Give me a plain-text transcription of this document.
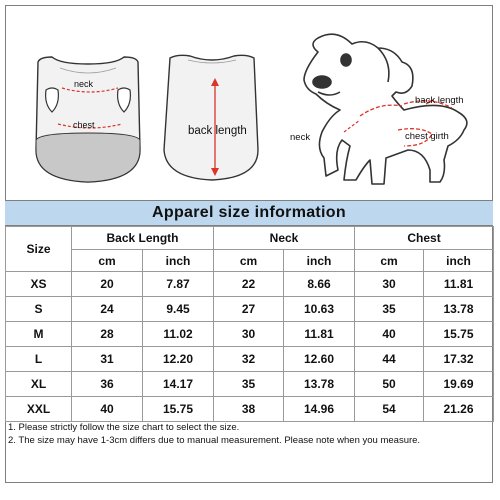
neck
chest	back length
back length
neck	chest girth
Apparel size information
Size	Back Length		Neck		Chest	
	cm	inch	cm	inch	cm	inch
XS	20	7.87	22	8.66	30	11.81
S	24	9.45	27	10.63	35	13.78
M	28	11.02	30	11.81	40	15.75
L	31	12.20	32	12.60	44	17.32
XL	36	14.17	35	13.78	50	19.69
XXL	40	15.75	38	14.96	54	21.26
1. Please strictly follow the size chart to select the size.
2. The size may have 1-3cm differs due to manual measurement. Please note when you measure.
